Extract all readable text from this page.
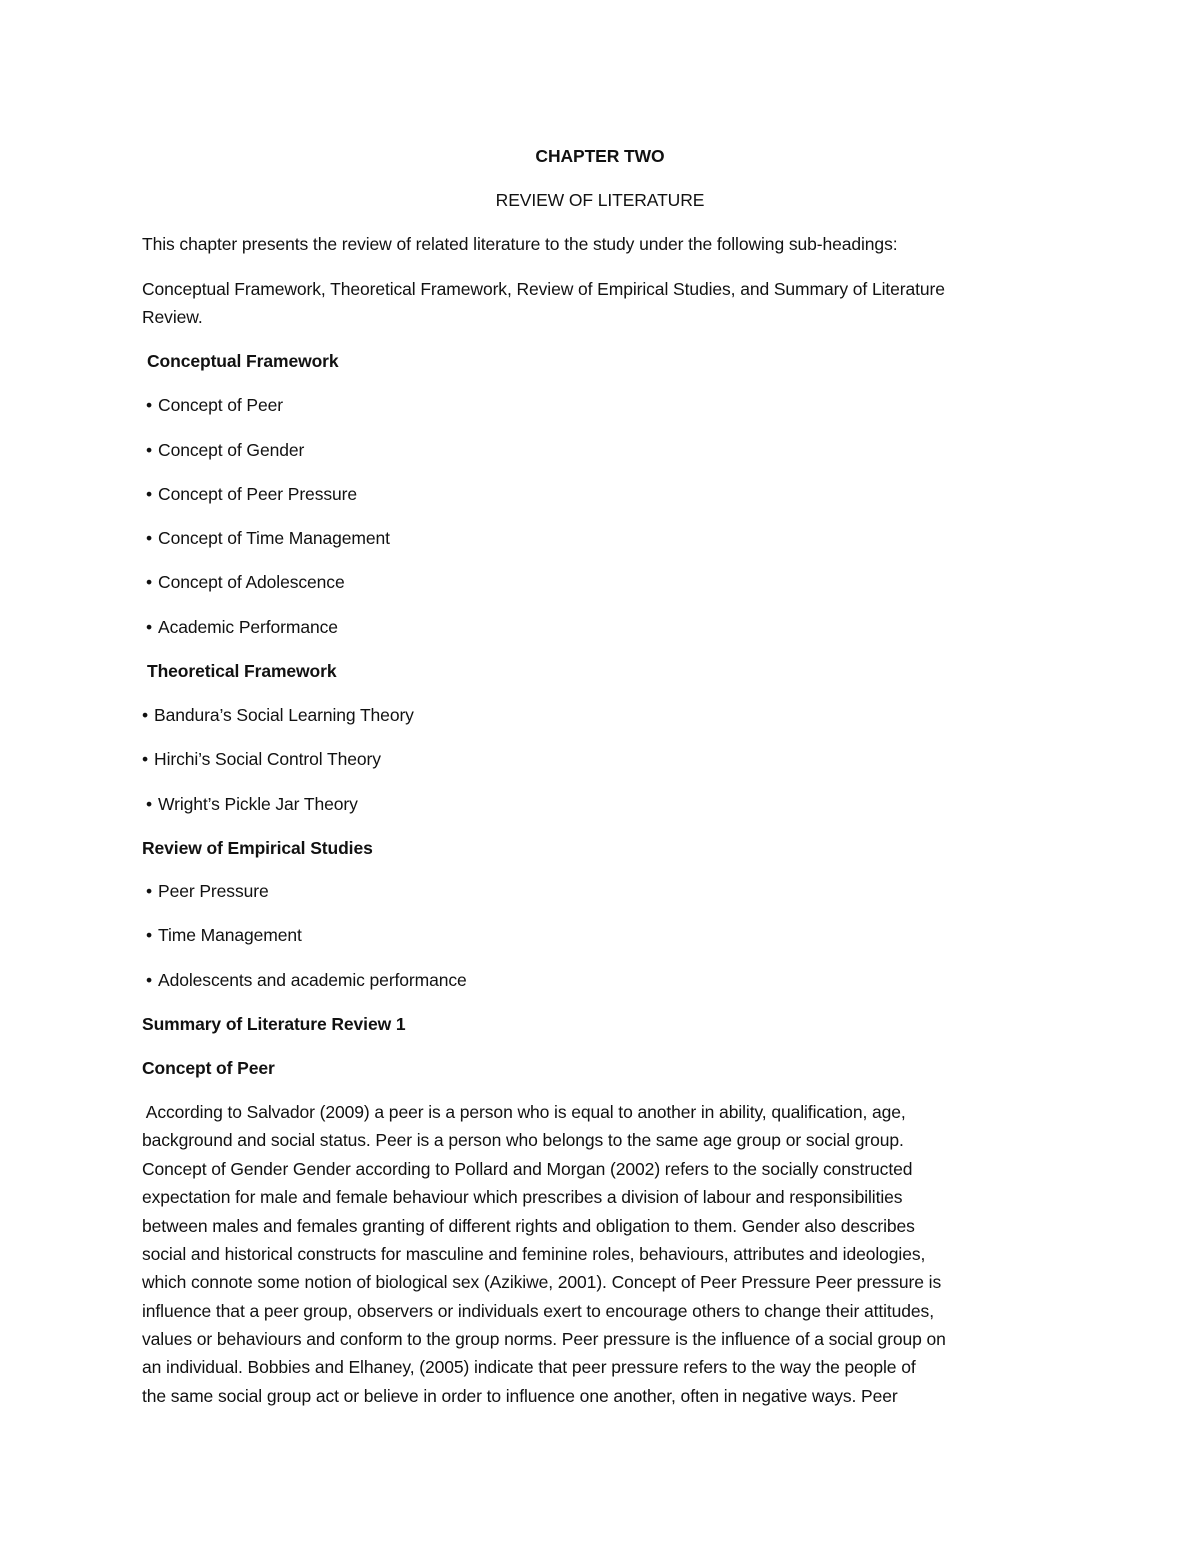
CHAPTER TWO
REVIEW OF LITERATURE
This chapter presents the review of related literature to the study under the following sub-headings:
Conceptual Framework, Theoretical Framework, Review of Empirical Studies, and Summary of Literature
Review.
Conceptual Framework
• Concept of Peer
• Concept of Gender
• Concept of Peer Pressure
• Concept of Time Management
• Concept of Adolescence
• Academic Performance
Theoretical Framework
• Bandura’s Social Learning Theory
• Hirchi’s Social Control Theory
• Wright’s Pickle Jar Theory
Review of Empirical Studies
• Peer Pressure
• Time Management
• Adolescents and academic performance
Summary of Literature Review 1
Concept of Peer
According to Salvador (2009) a peer is a person who is equal to another in ability, qualification, age,
background and social status. Peer is a person who belongs to the same age group or social group.
Concept of Gender Gender according to Pollard and Morgan (2002) refers to the socially constructed
expectation for male and female behaviour which prescribes a division of labour and responsibilities
between males and females granting of different rights and obligation to them. Gender also describes
social and historical constructs for masculine and feminine roles, behaviours, attributes and ideologies,
which connote some notion of biological sex (Azikiwe, 2001). Concept of Peer Pressure Peer pressure is
influence that a peer group, observers or individuals exert to encourage others to change their attitudes,
values or behaviours and conform to the group norms. Peer pressure is the influence of a social group on
an individual. Bobbies and Elhaney, (2005) indicate that peer pressure refers to the way the people of
the same social group act or believe in order to influence one another, often in negative ways. Peer
